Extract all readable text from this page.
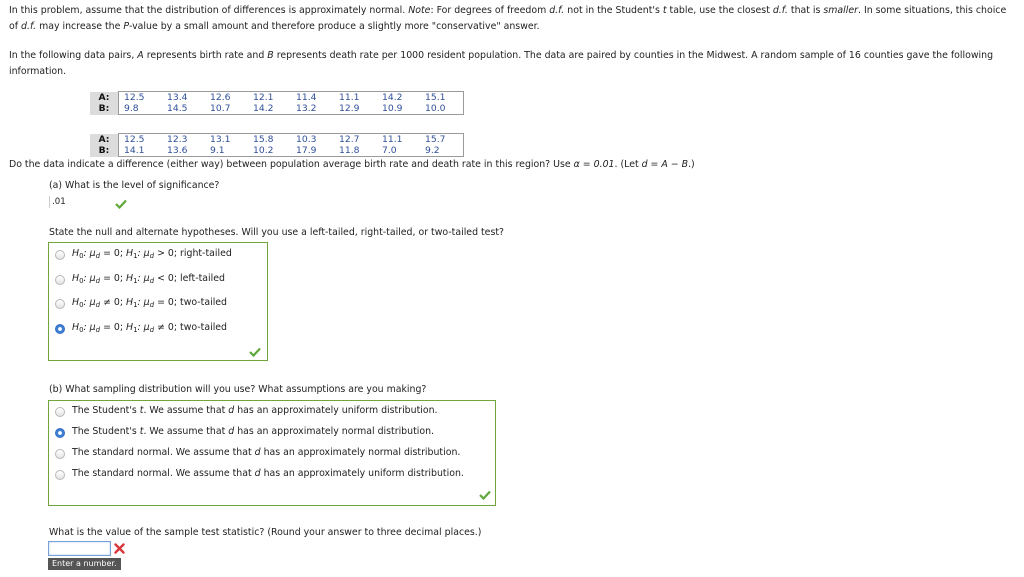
In this problem, assume that the distribution of differences is approximately normal. Note: For degrees of freedom d.f. not in the Student's t table, use the closest d.f. that is smaller. In some situations, this choice of d.f. may increase the P-value by a small amount and therefore produce a slightly more "conservative" answer.
In the following data pairs, A represents birth rate and B represents death rate per 1000 resident population. The data are paired by counties in the Midwest. A random sample of 16 counties gave the following information.
A:	12.5	13.4	12.6	12.1	11.4	11.1	14.2	15.1
B:	9.8	14.5	10.7	14.2	13.2	12.9	10.9	10.0
A:	12.5	12.3	13.1	15.8	10.3	12.7	11.1	15.7
B:	14.1	13.6	9.1	10.2	17.9	11.8	7.0	9.2
Do the data indicate a difference (either way) between population average birth rate and death rate in this region? Use α = 0.01. (Let d = A − B.)
(a) What is the level of significance?
.01
State the null and alternate hypotheses. Will you use a left-tailed, right-tailed, or two-tailed test?
$H_0$: $\mu_d = 0$; $H_1$: $\mu_d > 0$; right-tailed
$H_0$: $\mu_d = 0$; $H_1$: $\mu_d < 0$; left-tailed
$H_0$: $\mu_d \ne 0$; $H_1$: $\mu_d = 0$; two-tailed
$H_0$: $\mu_d = 0$; $H_1$: $\mu_d \ne 0$; two-tailed
(b) What sampling distribution will you use? What assumptions are you making?
The Student's t. We assume that d has an approximately uniform distribution.
The Student's t. We assume that d has an approximately normal distribution.
The standard normal. We assume that d has an approximately normal distribution.
The standard normal. We assume that d has an approximately uniform distribution.
What is the value of the sample test statistic? (Round your answer to three decimal places.)
Enter a number.
